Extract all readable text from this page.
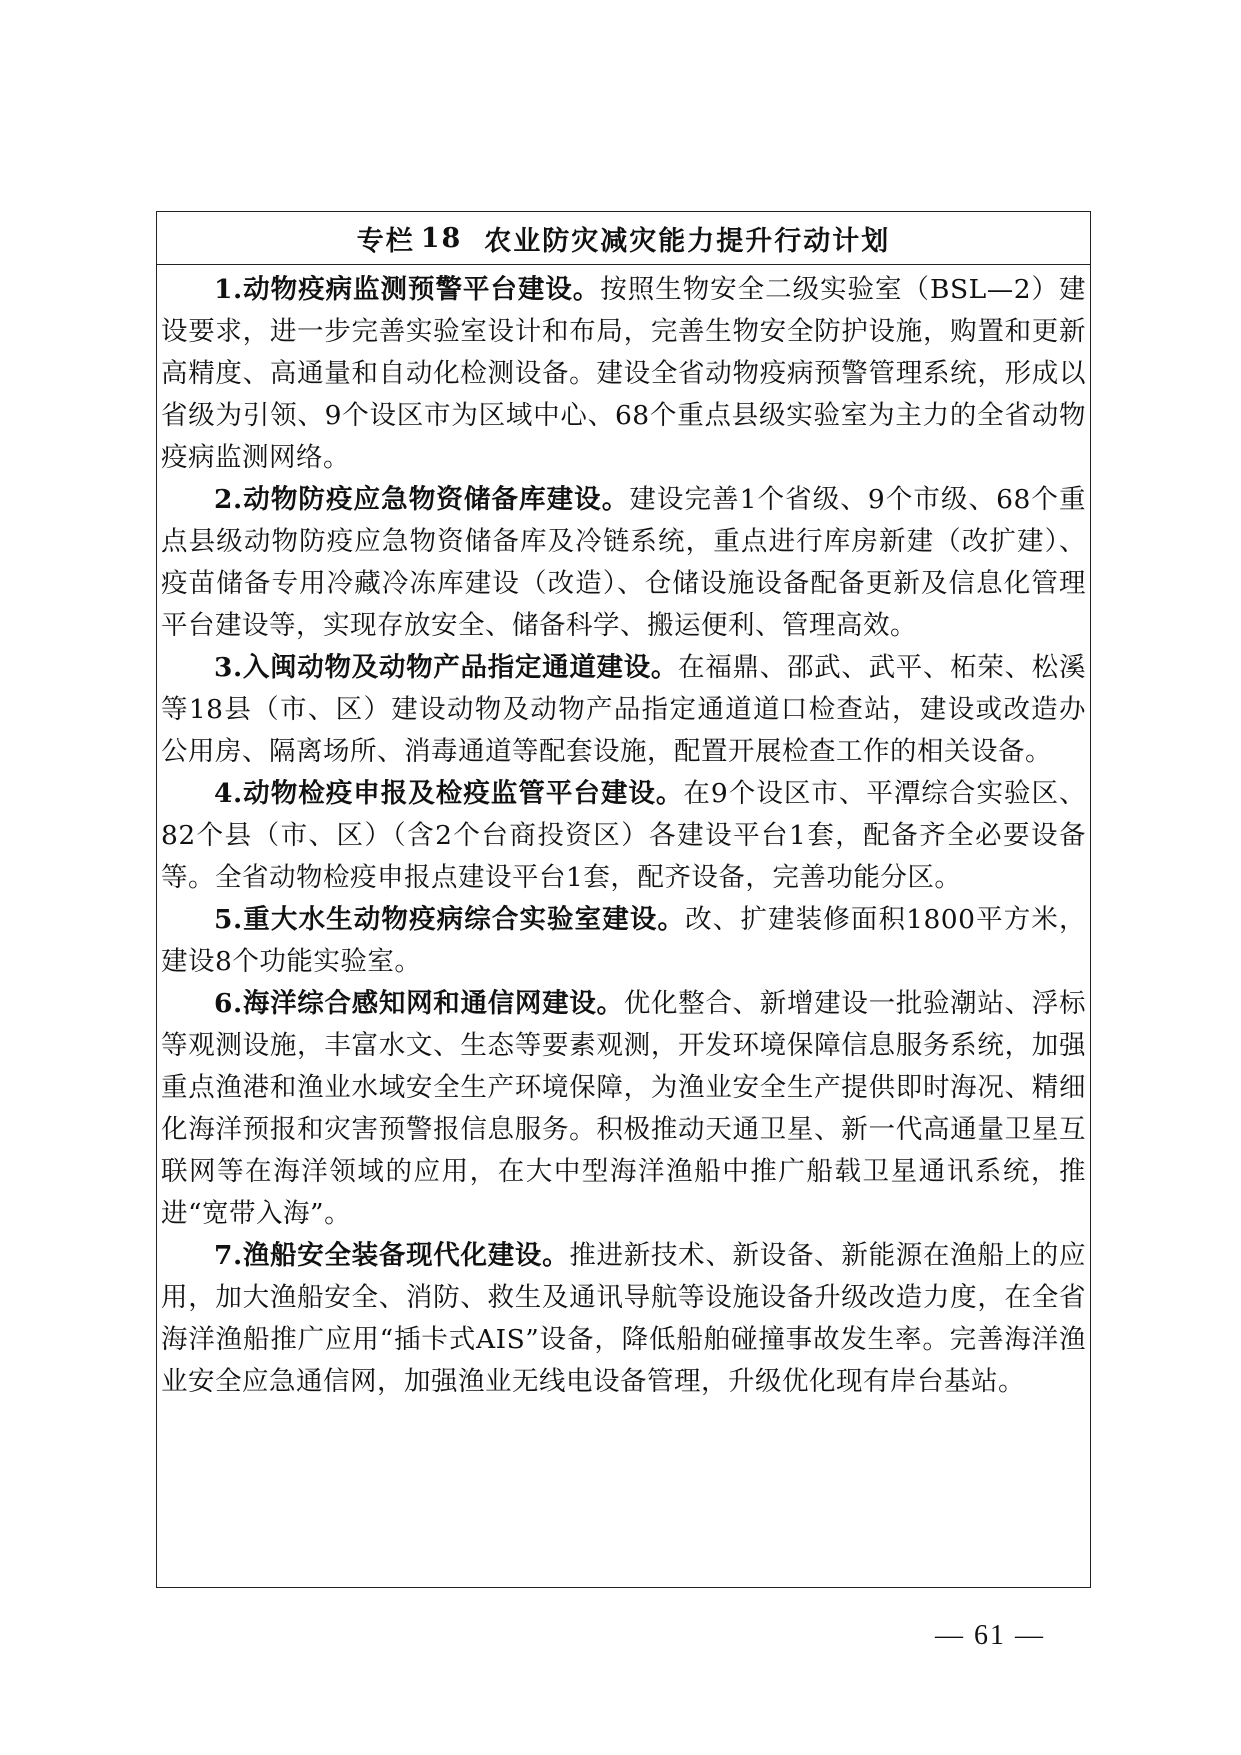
专栏 18 农业防灾减灾能力提升行动计划

1.动物疫病监测预警平台建设。按照生物安全二级实验室（BSL—2）建设要求，进一步完善实验室设计和布局，完善生物安全防护设施，购置和更新高精度、高通量和自动化检测设备。建设全省动物疫病预警管理系统，形成以省级为引领、9个设区市为区域中心、68个重点县级实验室为主力的全省动物疫病监测网络。

2.动物防疫应急物资储备库建设。建设完善1个省级、9个市级、68个重点县级动物防疫应急物资储备库及冷链系统，重点进行库房新建（改扩建）、疫苗储备专用冷藏冷冻库建设（改造）、仓储设施设备配备更新及信息化管理平台建设等，实现存放安全、储备科学、搬运便利、管理高效。

3.入闽动物及动物产品指定通道建设。在福鼎、邵武、武平、柘荣、松溪等18县（市、区）建设动物及动物产品指定通道道口检查站，建设或改造办公用房、隔离场所、消毒通道等配套设施，配置开展检查工作的相关设备。

4.动物检疫申报及检疫监管平台建设。在9个设区市、平潭综合实验区、82个县（市、区）（含2个台商投资区）各建设平台1套，配备齐全必要设备等。全省动物检疫申报点建设平台1套，配齐设备，完善功能分区。

5.重大水生动物疫病综合实验室建设。改、扩建装修面积1800平方米，建设8个功能实验室。

6.海洋综合感知网和通信网建设。优化整合、新增建设一批验潮站、浮标等观测设施，丰富水文、生态等要素观测，开发环境保障信息服务系统，加强重点渔港和渔业水域安全生产环境保障，为渔业安全生产提供即时海况、精细化海洋预报和灾害预警报信息服务。积极推动天通卫星、新一代高通量卫星互联网等在海洋领域的应用，在大中型海洋渔船中推广船载卫星通讯系统，推进“宽带入海”。

7.渔船安全装备现代化建设。推进新技术、新设备、新能源在渔船上的应用，加大渔船安全、消防、救生及通讯导航等设施设备升级改造力度，在全省海洋渔船推广应用“插卡式AIS”设备，降低船舶碰撞事故发生率。完善海洋渔业安全应急通信网，加强渔业无线电设备管理，升级优化现有岸台基站。

— 61 —
